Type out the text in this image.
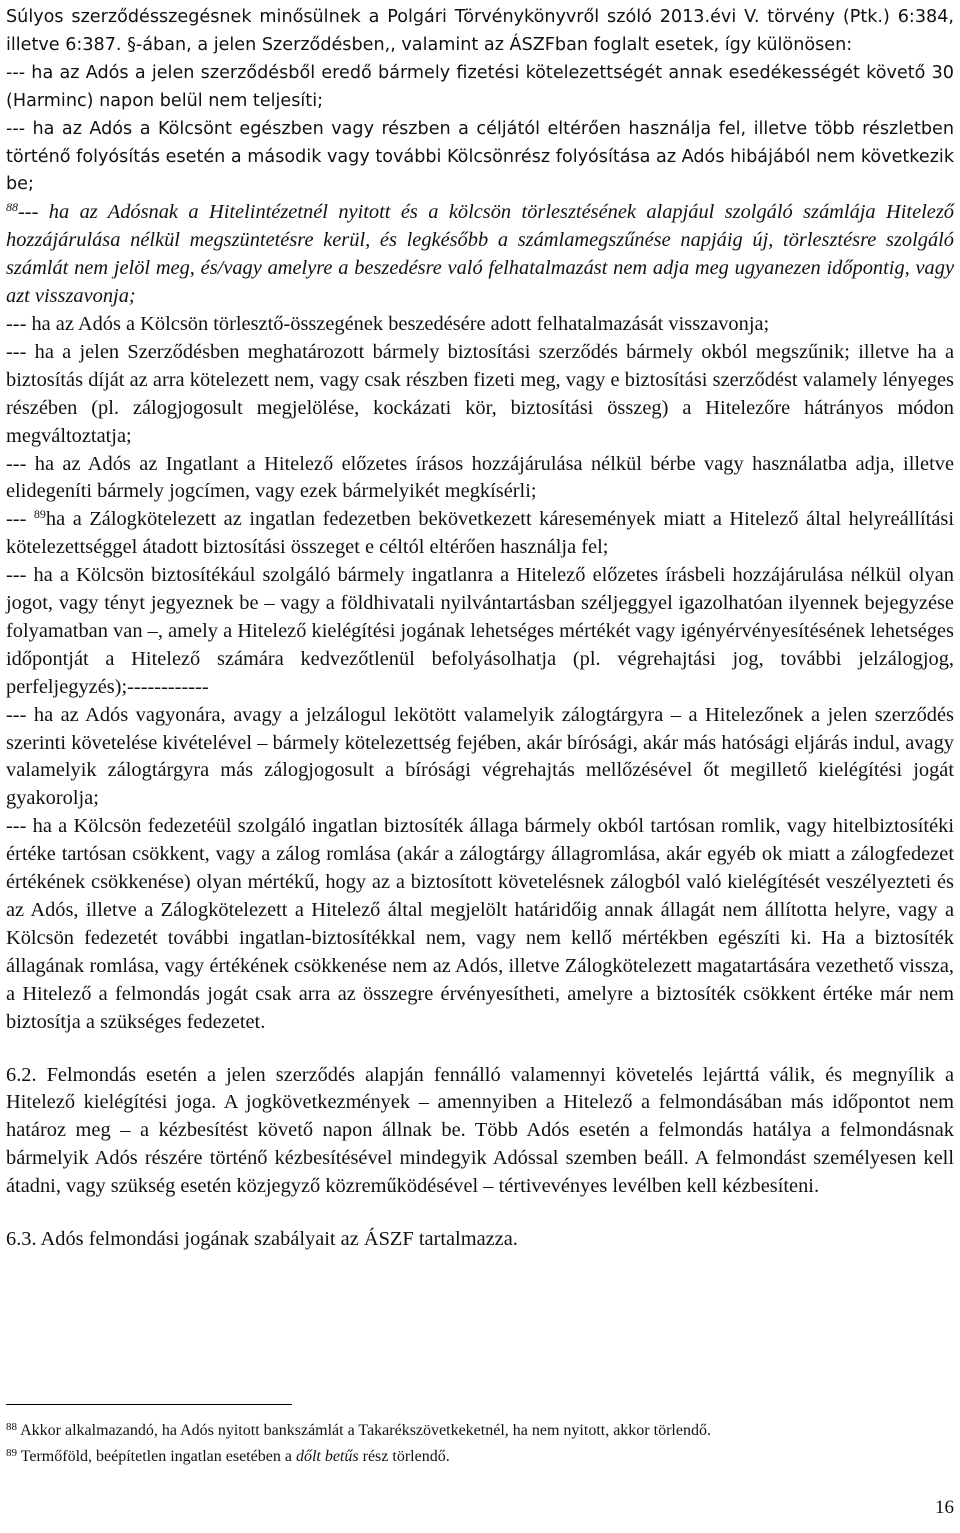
Súlyos szerződésszegésnek minősülnek a Polgári Törvénykönyvről szóló 2013.évi V. törvény (Ptk.) 6:384, illetve 6:387. §-ában, a jelen Szerződésben,, valamint az ÁSZFban foglalt esetek, így különösen:

--- ha az Adós a jelen szerződésből eredő bármely fizetési kötelezettségét annak esedékességét követő 30 (Harminc) napon belül nem teljesíti;

--- ha az Adós a Kölcsönt egészben vagy részben a céljától eltérően használja fel, illetve több részletben történő folyósítás esetén a második vagy további Kölcsönrész folyósítása az Adós hibájából nem következik be;

$^{88}$--- ha az Adósnak a Hitelintézetnél nyitott és a kölcsön törlesztésének alapjául szolgáló számlája Hitelező hozzájárulása nélkül megszüntetésre kerül, és legkésőbb a számlamegszűnése napjáig új, törlesztésre szolgáló számlát nem jelöl meg, és/vagy amelyre a beszedésre való felhatalmazást nem adja meg ugyanezen időpontig, vagy azt visszavonja;

--- ha az Adós a Kölcsön törlesztő-összegének beszedésére adott felhatalmazását visszavonja;

--- ha a jelen Szerződésben meghatározott bármely biztosítási szerződés bármely okból megszűnik; illetve ha a biztosítás díját az arra kötelezett nem, vagy csak részben fizeti meg, vagy e biztosítási szerződést valamely lényeges részében (pl. zálogjogosult megjelölése, kockázati kör, biztosítási összeg) a Hitelezőre hátrányos módon megváltoztatja;

--- ha az Adós az Ingatlant a Hitelező előzetes írásos hozzájárulása nélkül bérbe vagy használatba adja, illetve elidegeníti bármely jogcímen, vagy ezek bármelyikét megkísérli;

--- $^{89}$ha a Zálogkötelezett az ingatlan fedezetben bekövetkezett káresemények miatt a Hitelező által helyreállítási kötelezettséggel átadott biztosítási összeget e céltól eltérően használja fel;

--- ha a Kölcsön biztosítékául szolgáló bármely ingatlanra a Hitelező előzetes írásbeli hozzájárulása nélkül olyan jogot, vagy tényt jegyeznek be – vagy a földhivatali nyilvántartásban széljeggyel igazolhatóan ilyennek bejegyzése folyamatban van –, amely a Hitelező kielégítési jogának lehetséges mértékét vagy igényérvényesítésének lehetséges időpontját a Hitelező számára kedvezőtlenül befolyásolhatja (pl. végrehajtási jog, további jelzálogjog, perfeljegyzés);------------

--- ha az Adós vagyonára, avagy a jelzálogul lekötött valamelyik zálogtárgyra – a Hitelezőnek a jelen szerződés szerinti követelése kivételével – bármely kötelezettség fejében, akár bírósági, akár más hatósági eljárás indul, avagy valamelyik zálogtárgyra más zálogjogosult a bírósági végrehajtás mellőzésével őt megillető kielégítési jogát gyakorolja;

--- ha a Kölcsön fedezetéül szolgáló ingatlan biztosíték állaga bármely okból tartósan romlik, vagy hitelbiztosítéki értéke tartósan csökkent, vagy a zálog romlása (akár a zálogtárgy állagromlása, akár egyéb ok miatt a zálogfedezet értékének csökkenése) olyan mértékű, hogy az a biztosított követelésnek zálogból való kielégítését veszélyezteti és az Adós, illetve a Zálogkötelezett a Hitelező által megjelölt határidőig annak állagát nem állította helyre, vagy a Kölcsön fedezetét további ingatlan-biztosítékkal nem, vagy nem kellő mértékben egészíti ki. Ha a biztosíték állagának romlása, vagy értékének csökkenése nem az Adós, illetve Zálogkötelezett magatartására vezethető vissza, a Hitelező a felmondás jogát csak arra az összegre érvényesítheti, amelyre a biztosíték csökkent értéke már nem biztosítja a szükséges fedezetet.

6.2. Felmondás esetén a jelen szerződés alapján fennálló valamennyi követelés lejárttá válik, és megnyílik a Hitelező kielégítési joga. A jogkövetkezmények – amennyiben a Hitelező a felmondásában más időpontot nem határoz meg – a kézbesítést követő napon állnak be. Több Adós esetén a felmondás hatálya a felmondásnak bármelyik Adós részére történő kézbesítésével mindegyik Adóssal szemben beáll. A felmondást személyesen kell átadni, vagy szükség esetén közjegyző közreműködésével – tértivevényes levélben kell kézbesíteni.

6.3. Adós felmondási jogának szabályait az ÁSZF tartalmazza.

$^{88}$ Akkor alkalmazandó, ha Adós nyitott bankszámlát a Takarékszövetkeketnél, ha nem nyitott, akkor törlendő.

$^{89}$ Termőföld, beépítetlen ingatlan esetében a dőlt betűs rész törlendő.

16
